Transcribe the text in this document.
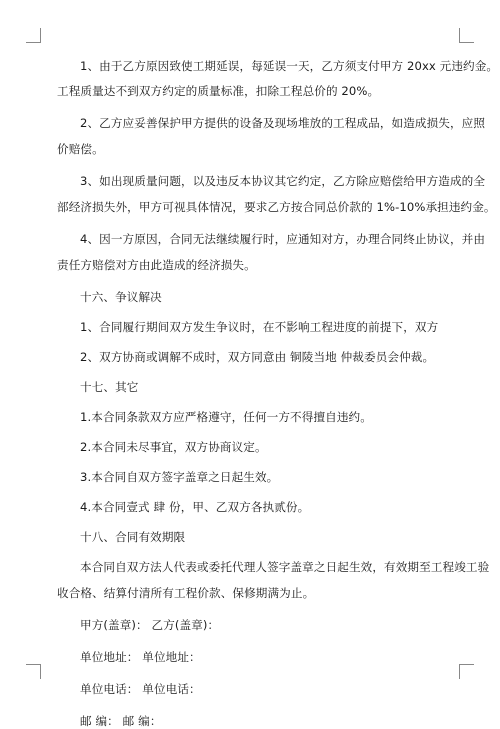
1、由于乙方原因致使工期延误，每延误一天，乙方须支付甲方 20xx 元违约金。

工程质量达不到双方约定的质量标准，扣除工程总价的 20%。

2、乙方应妥善保护甲方提供的设备及现场堆放的工程成品，如造成损失，应照

价赔偿。

3、如出现质量问题，以及违反本协议其它约定，乙方除应赔偿给甲方造成的全

部经济损失外，甲方可视具体情况，要求乙方按合同总价款的 1%-10%承担违约金。

4、因一方原因，合同无法继续履行时，应通知对方，办理合同终止协议，并由

责任方赔偿对方由此造成的经济损失。

十六、争议解决

1、合同履行期间双方发生争议时，在不影响工程进度的前提下，双方

2、双方协商或调解不成时，双方同意由 铜陵当地 仲裁委员会仲裁。

十七、其它

1.本合同条款双方应严格遵守，任何一方不得擅自违约。

2.本合同未尽事宜，双方协商议定。

3.本合同自双方签字盖章之日起生效。

4.本合同壹式 肆 份，甲、乙双方各执贰份。

十八、合同有效期限

本合同自双方法人代表或委托代理人签字盖章之日起生效，有效期至工程竣工验

收合格、结算付清所有工程价款、保修期满为止。

甲方(盖章)： 乙方(盖章)：

单位地址： 单位地址：

单位电话： 单位电话：

邮 编： 邮 编：
